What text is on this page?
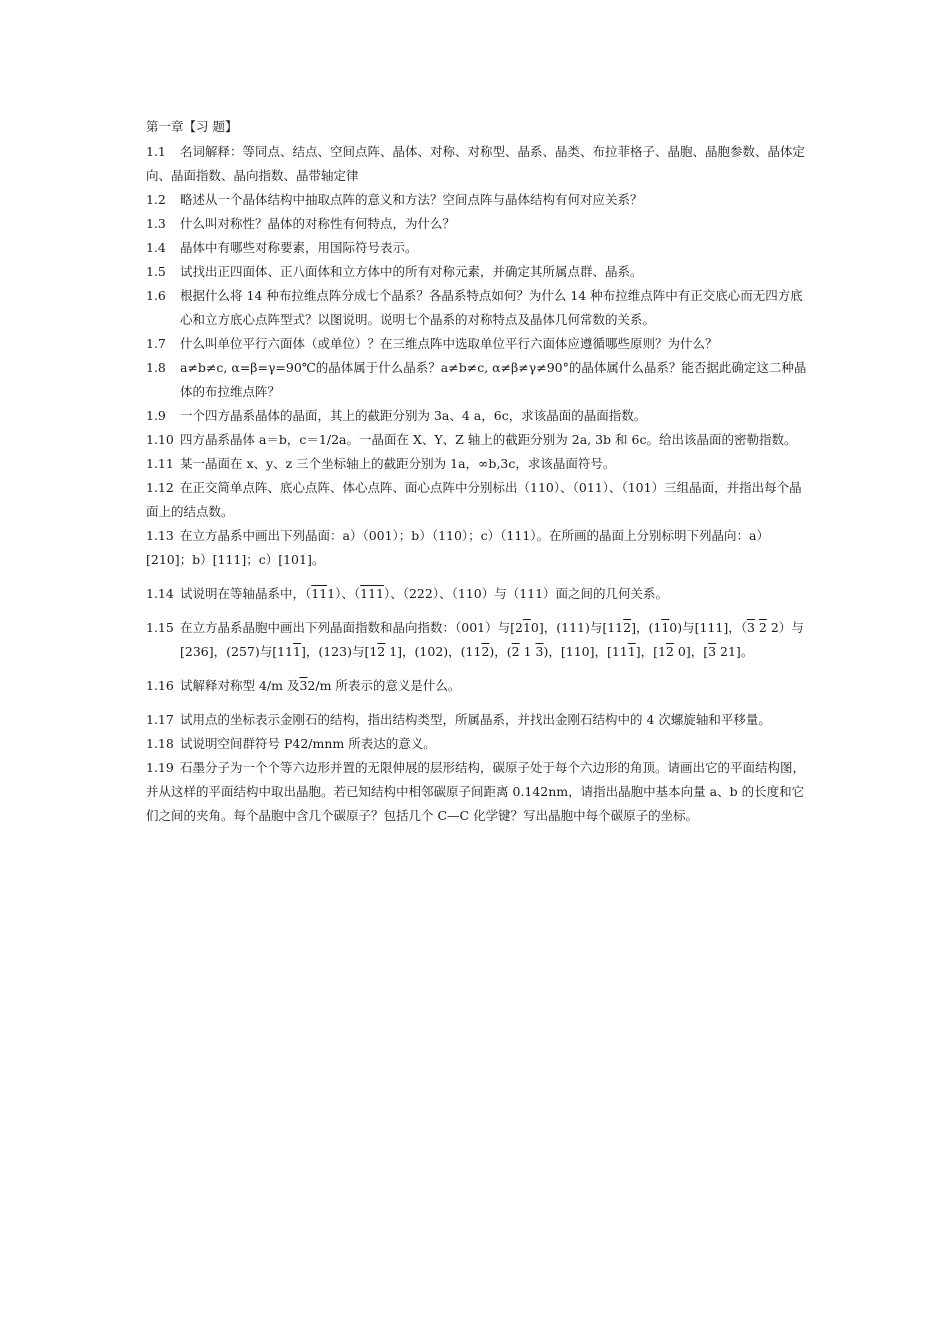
第一章【习 题】
1.1 名词解释：等同点、结点、空间点阵、晶体、对称、对称型、晶系、晶类、布拉菲格子、晶胞、晶胞参数、晶体定向、晶面指数、晶向指数、晶带轴定律
1.2 略述从一个晶体结构中抽取点阵的意义和方法？空间点阵与晶体结构有何对应关系？
1.3 什么叫对称性？晶体的对称性有何特点，为什么？
1.4 晶体中有哪些对称要素，用国际符号表示。
1.5 试找出正四面体、正八面体和立方体中的所有对称元素，并确定其所属点群、晶系。
1.6	根据什么将 14 种布拉维点阵分成七个晶系？各晶系特点如何？为什么 14 种布拉维点阵中有正交底心而无四方底心和立方底心点阵型式？以图说明。说明七个晶系的对称特点及晶体几何常数的关系。
1.7 什么叫单位平行六面体（或单位）？在三维点阵中选取单位平行六面体应遵循哪些原则？为什么？
1.8	a≠b≠c, α=β=γ=90℃的晶体属于什么晶系？a≠b≠c, α≠β≠γ≠90°的晶体属什么晶系？能否据此确定这二种晶体的布拉维点阵？
1.9 一个四方晶系晶体的晶面，其上的截距分别为 3a、4 a，6c，求该晶面的晶面指数。
1.10 四方晶系晶体 a＝b，c＝1/2a。一晶面在 X、Y、Z 轴上的截距分别为 2a, 3b 和 6c。给出该晶面的密勒指数。
1.11 某一晶面在 x、y、z 三个坐标轴上的截距分别为 1a，∞b,3c，求该晶面符号。
1.12 在正交简单点阵、底心点阵、体心点阵、面心点阵中分别标出（110）、（011）、（101）三组晶面，并指出每个晶面上的结点数。
1.13 在立方晶系中画出下列晶面：a）（001）；b）（110）；c）（111）。在所画的晶面上分别标明下列晶向：a）[210]；b）[111]；c）[101]。
1.14 试说明在等轴晶系中，（111）、（111）、（222）、（110）与（111）面之间的几何关系。
1.15 在立方晶系晶胞中画出下列晶面指数和晶向指数：（001）与[210]，(111)与[112]，(110)与[111]，（3 2 2）与[236]，(257)与[111]，(123)与[12 1]，(102)，(112)，(2 1 3)，[110]，[111]，[12 0]，[3 21]。
1.16 试解释对称型 4/m 及32/m 所表示的意义是什么。
1.17 试用点的坐标表示金刚石的结构，指出结构类型，所属晶系，并找出金刚石结构中的 4 次螺旋轴和平移量。
1.18 试说明空间群符号 P42/mnm 所表达的意义。
1.19 石墨分子为一个个等六边形并置的无限伸展的层形结构，碳原子处于每个六边形的角顶。请画出它的平面结构图，并从这样的平面结构中取出晶胞。若已知结构中相邻碳原子间距离 0.142nm，请指出晶胞中基本向量 a、b 的长度和它们之间的夹角。每个晶胞中含几个碳原子？包括几个 C—C 化学键？写出晶胞中每个碳原子的坐标。
